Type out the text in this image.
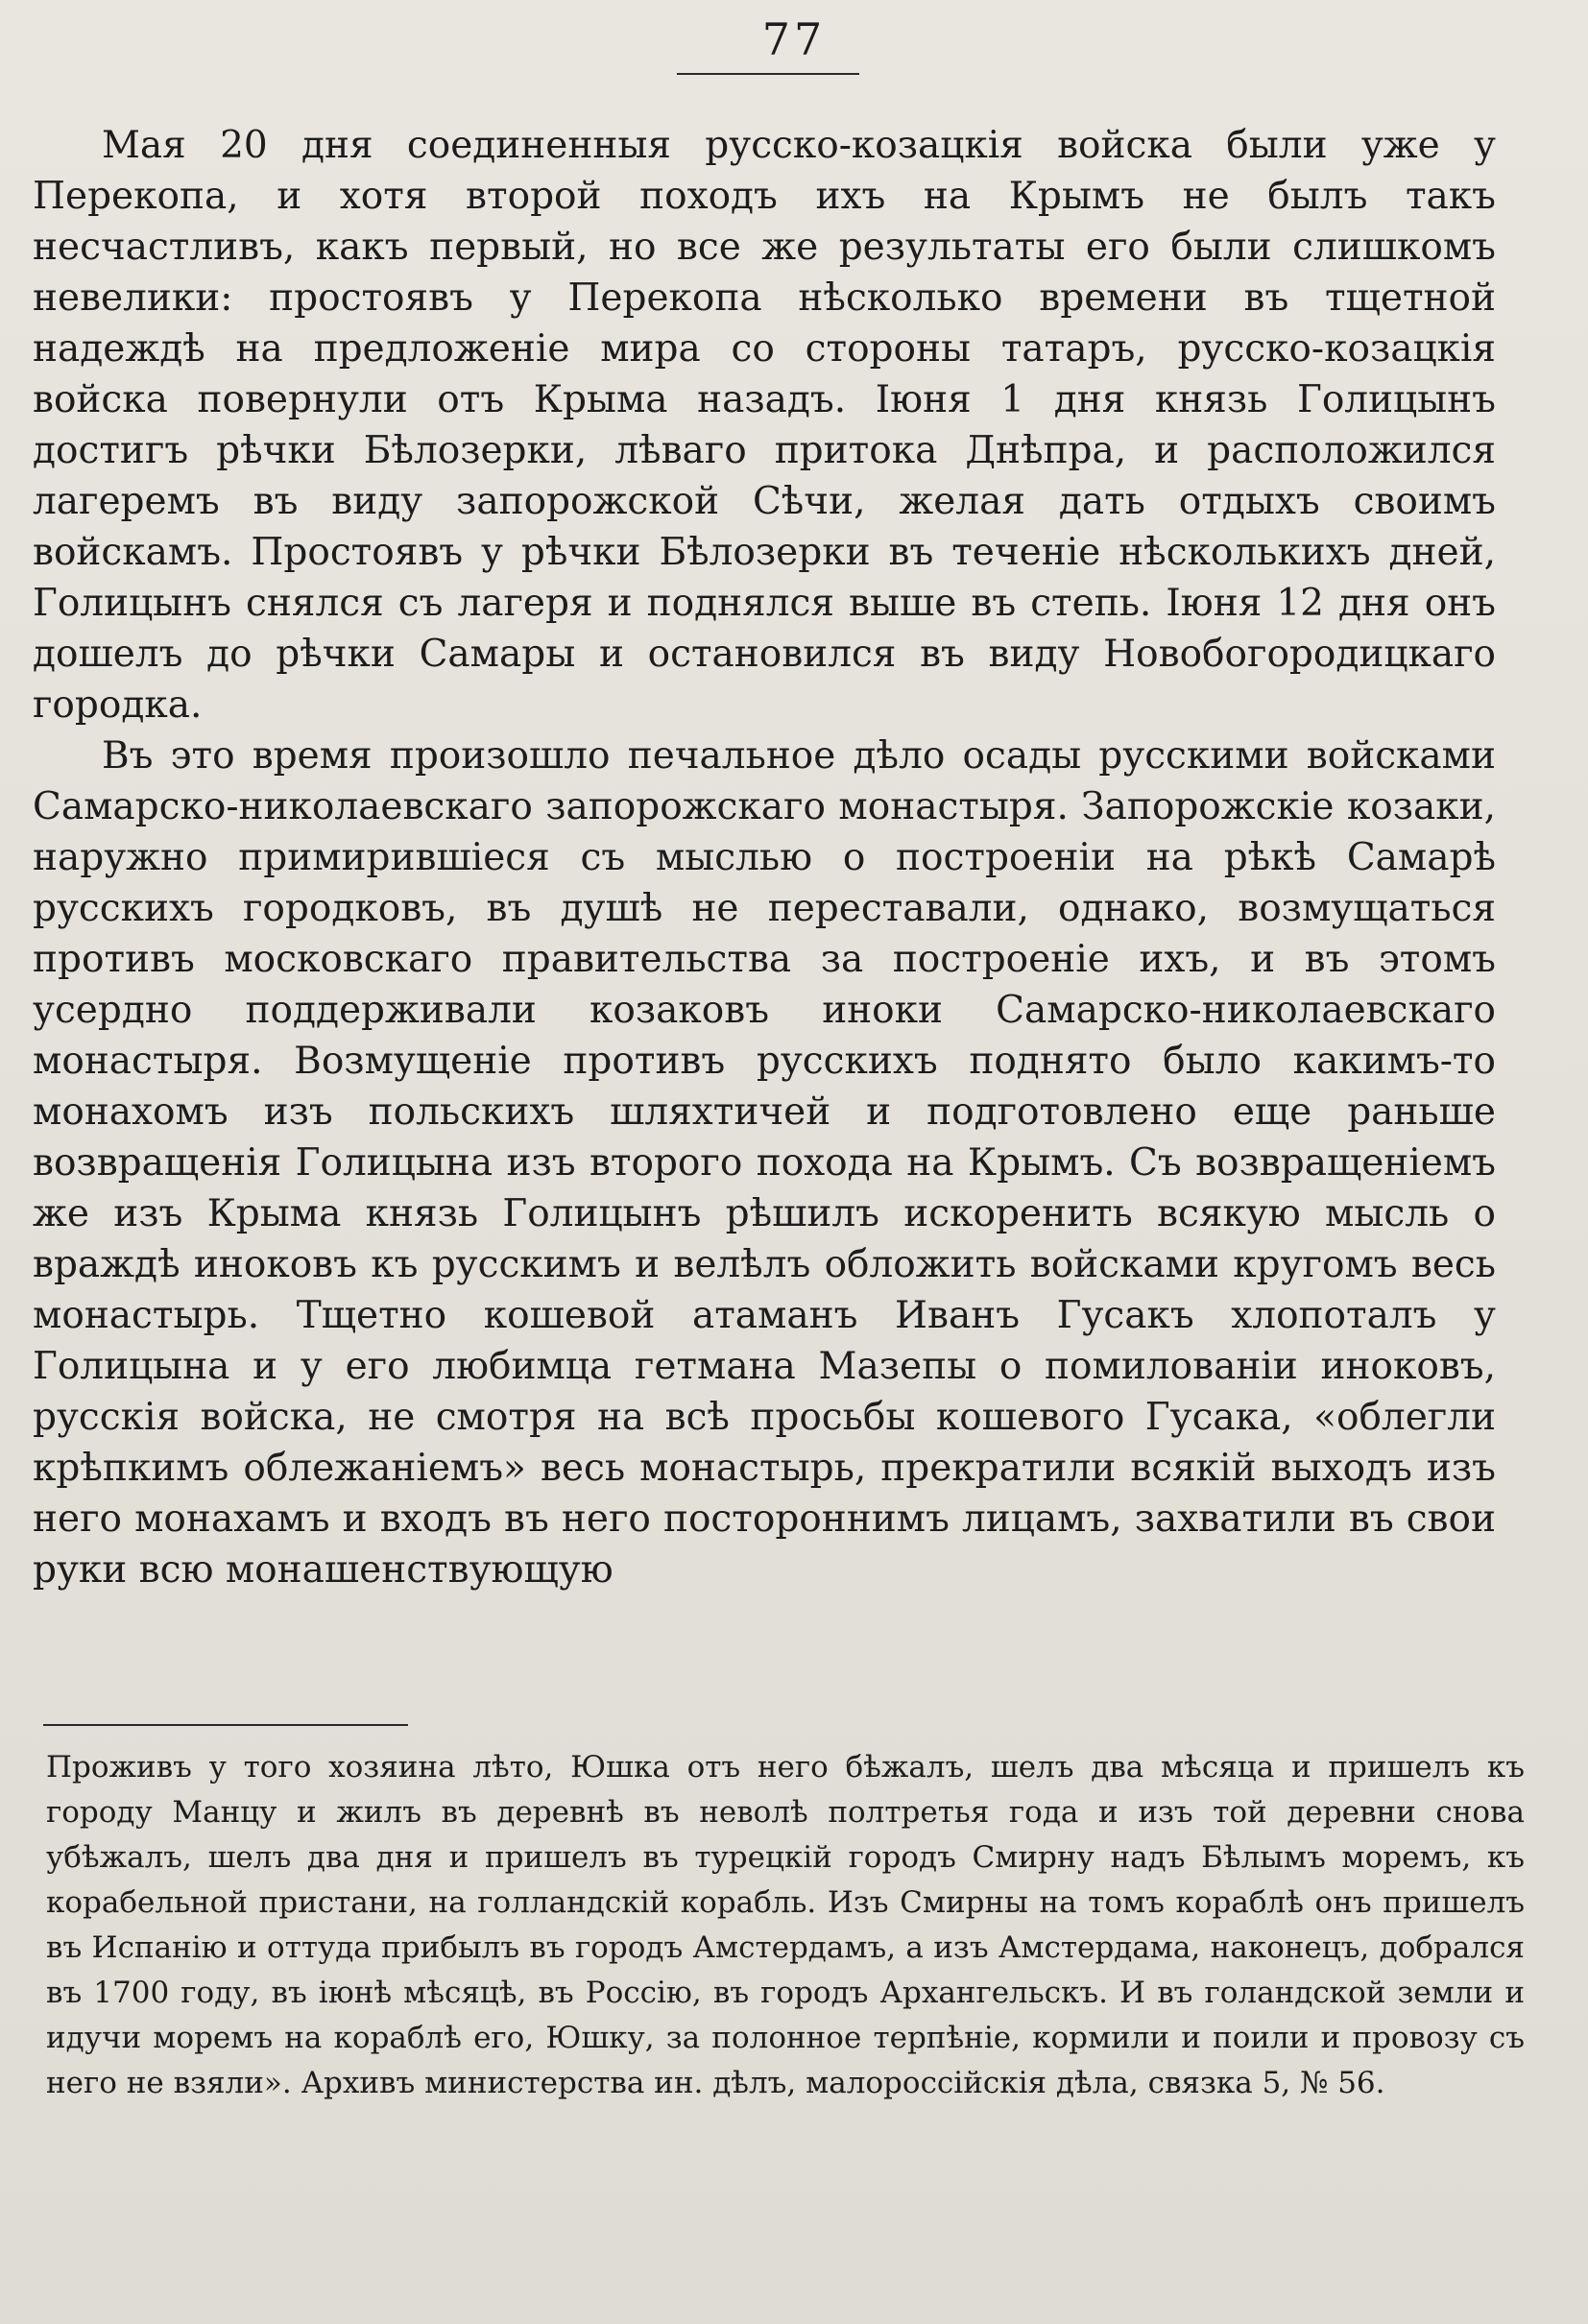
77

Мая 20 дня соединенныя русско-козацкія войска были уже у Перекопа, и хотя второй походъ ихъ на Крымъ не былъ такъ несчастливъ, какъ первый, но все же результаты его были слишкомъ невелики: простоявъ у Перекопа нѣсколько времени въ тщетной надеждѣ на предложеніе мира со стороны татаръ, русско-козацкія войска повернули отъ Крыма назадъ. Іюня 1 дня князь Голицынъ достигъ рѣчки Бѣлозерки, лѣваго притока Днѣпра, и расположился лагеремъ въ виду запорожской Сѣчи, желая дать отдыхъ своимъ войскамъ. Простоявъ у рѣчки Бѣлозерки въ теченіе нѣсколькихъ дней, Голицынъ снялся съ лагеря и поднялся выше въ степь. Іюня 12 дня онъ дошелъ до рѣчки Самары и остановился въ виду Новобогородицкаго городка.

Въ это время произошло печальное дѣло осады русскими войсками Самарско-николаевскаго запорожскаго монастыря. Запорожскіе козаки, наружно примирившіеся съ мыслью о построеніи на рѣкѣ Самарѣ русскихъ городковъ, въ душѣ не переставали, однако, возмущаться противъ московскаго правительства за построеніе ихъ, и въ этомъ усердно поддерживали козаковъ иноки Самарско-николаевскаго монастыря. Возмущеніе противъ русскихъ поднято было какимъ-то монахомъ изъ польскихъ шляхтичей и подготовлено еще раньше возвращенія Голицына изъ второго похода на Крымъ. Съ возвращеніемъ же изъ Крыма князь Голицынъ рѣшилъ искоренить всякую мысль о враждѣ иноковъ къ русскимъ и велѣлъ обложить войсками кругомъ весь монастырь. Тщетно кошевой атаманъ Иванъ Гусакъ хлопоталъ у Голицына и у его любимца гетмана Мазепы о помилованіи иноковъ, русскія войска, не смотря на всѣ просьбы кошевого Гусака, «облегли крѣпкимъ облежаніемъ» весь монастырь, прекратили всякій выходъ изъ него монахамъ и входъ въ него постороннимъ лицамъ, захватили въ свои руки всю монашенствующую

Проживъ у того хозяина лѣто, Юшка отъ него бѣжалъ, шелъ два мѣсяца и пришелъ къ городу Манцу и жилъ въ деревнѣ въ неволѣ полтретья года и изъ той деревни снова убѣжалъ, шелъ два дня и пришелъ въ турецкій городъ Смирну надъ Бѣлымъ моремъ, къ корабельной пристани, на голландскій корабль. Изъ Смирны на томъ кораблѣ онъ пришелъ въ Испанію и оттуда прибылъ въ городъ Амстердамъ, а изъ Амстердама, наконецъ, добрался въ 1700 году, въ іюнѣ мѣсяцѣ, въ Россію, въ городъ Архангельскъ. И въ голандской земли и идучи моремъ на кораблѣ его, Юшку, за полонное терпѣніе, кормили и поили и провозу съ него не взяли». Архивъ министерства ин. дѣлъ, малороссійскія дѣла, связка 5, № 56.
